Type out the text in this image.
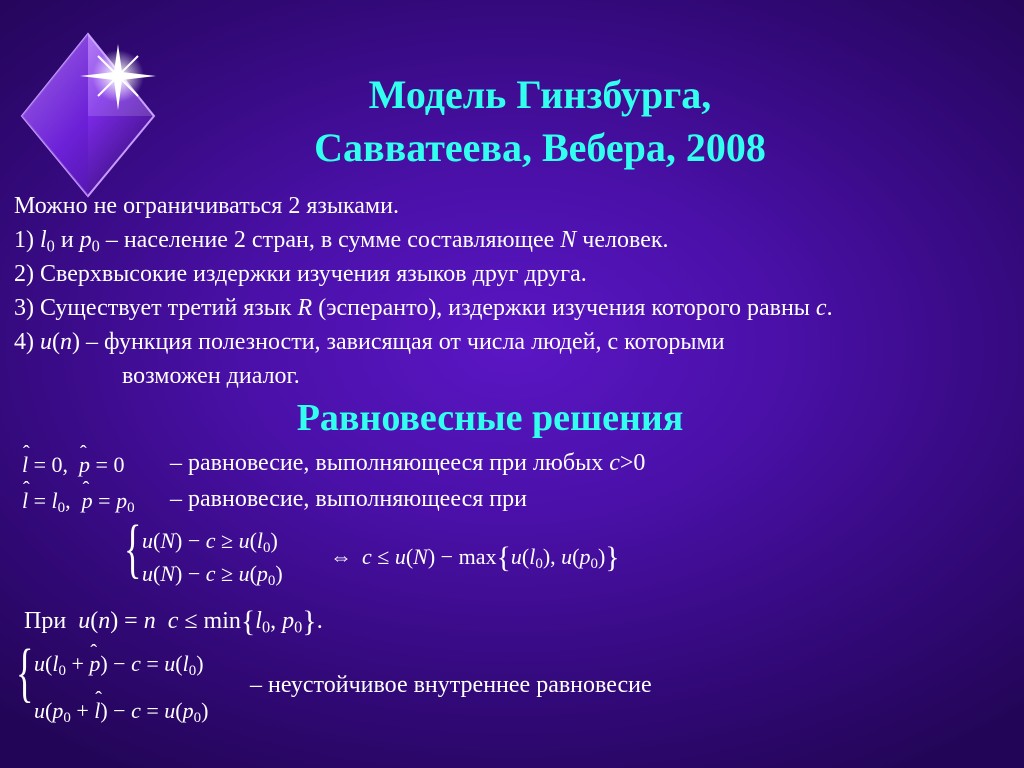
Модель Гинзбурга,
Савватеева, Вебера, 2008
Можно не ограничиваться 2 языками.
1) $l_0$ и $p_0$ – население 2 стран, в сумме составляющее N человек.
2) Сверхвысокие издержки изучения языков друг друга.
3) Существует третий язык R (эсперанто), издержки изучения которого равны c.
4) u(n) – функция полезности, зависящая от числа людей, с которыми
возможен диалог.
Равновесные решения
ˆ l = 0,  ˆ p = 0 – равновесие, выполняющееся при любых c>0
ˆ $l = l_0$,  ˆ $p = p_0$ – равновесие, выполняющееся при
{ $u(N) - c \ge u(l_0)$
$u(N) - c \ge u(p_0)$
⇔ $c \le u(N) - \max\{u(l_0)$, $u(p_0)$}
При  u(n) = n $c \le \min\{l_0$, $p_0$}.
{ $u(l_0$ + ˆ $p) - c = u(l_0)$
$u(p_0$ + ˆ $l) - c = u(p_0)$
– неустойчивое внутреннее равновесие
